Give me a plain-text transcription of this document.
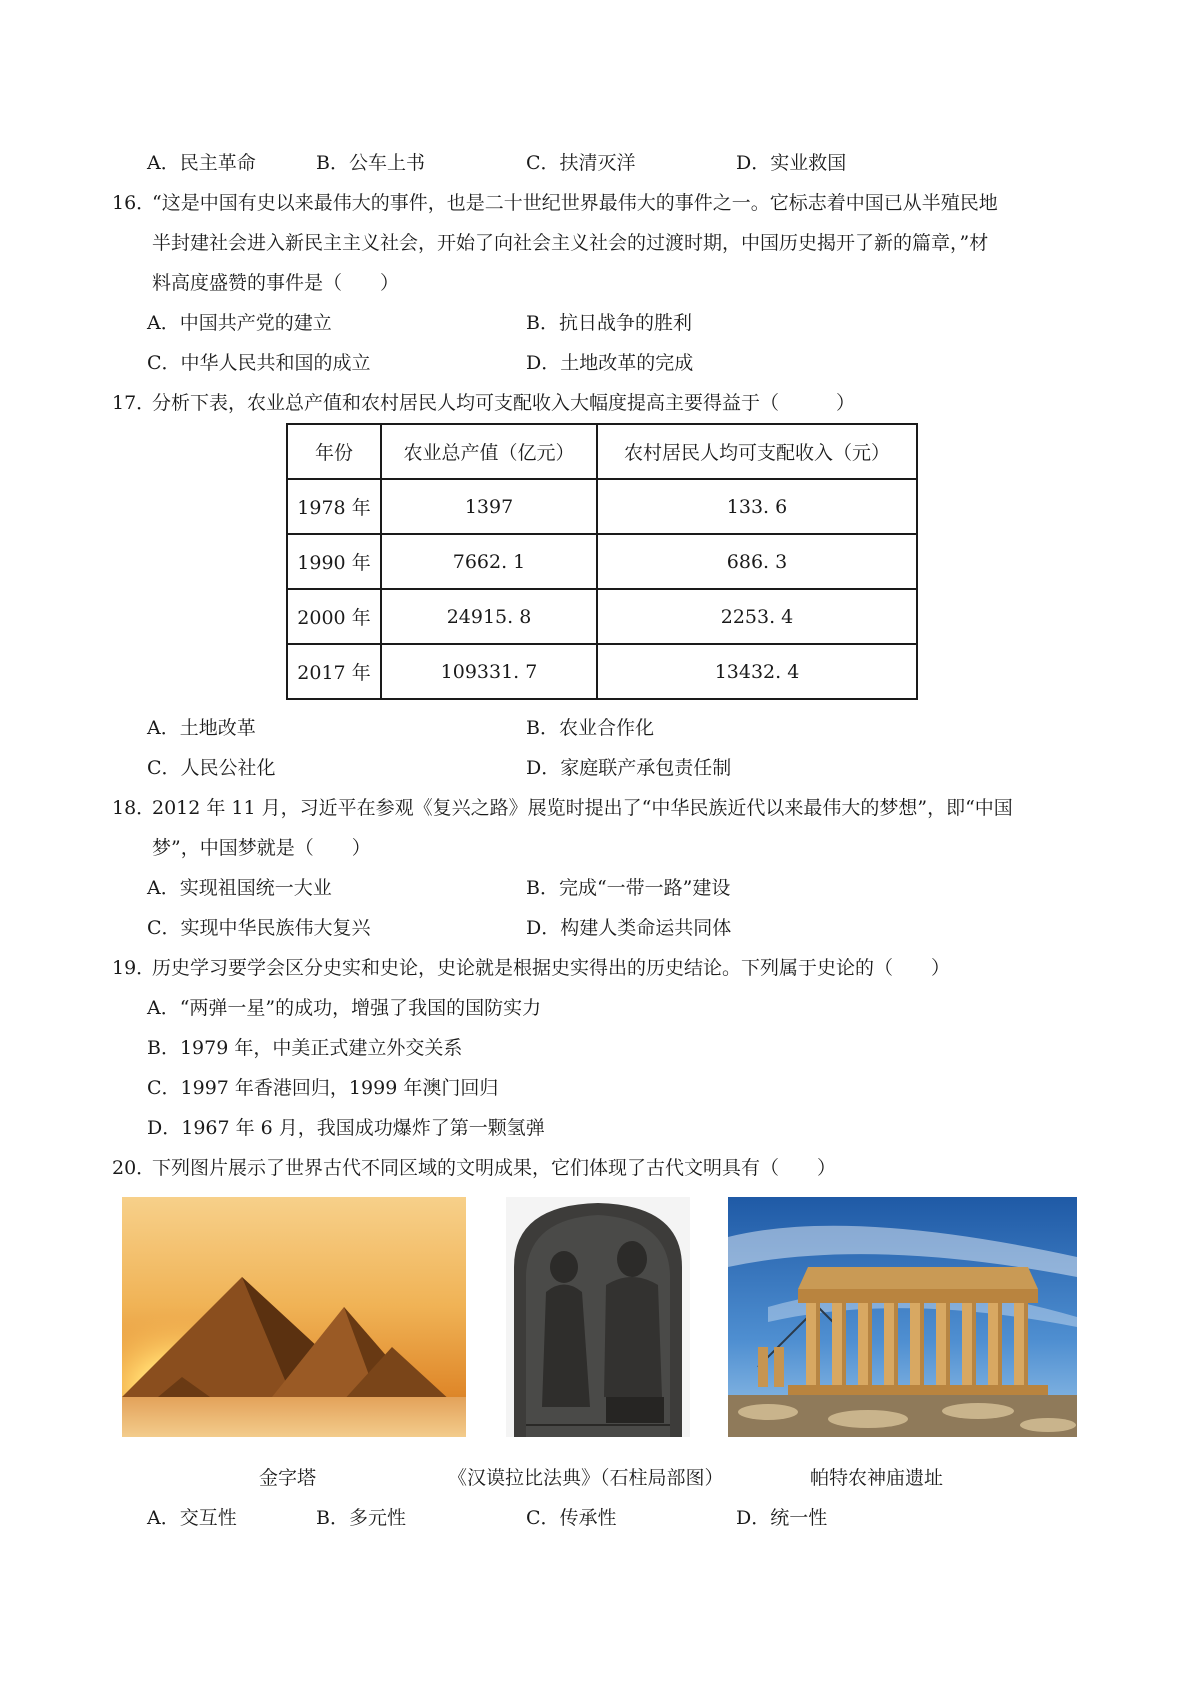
A．民主革命	B．公车上书	C．扶清灭洋	D．实业救国
16．
“这是中国有史以来最伟大的事件，也是二十世纪世界最伟大的事件之一。它标志着中国已从半殖民地
半封建社会进入新民主主义社会，开始了向社会主义社会的过渡时期，中国历史揭开了新的篇章，”材
料高度盛赞的事件是（　　）
A．中国共产党的建立	B．抗日战争的胜利
C．中华人民共和国的成立	D．土地改革的完成
17．
分析下表，农业总产值和农村居民人均可支配收入大幅度提高主要得益于（　　　）
年份	农业总产值（亿元）	农村居民人均可支配收入（元）
1978 年	1397	133. 6
1990 年	7662. 1	686. 3
2000 年	24915. 8	2253. 4
2017 年	109331. 7	13432. 4
A．土地改革	B．农业合作化
C．人民公社化	D．家庭联产承包责任制
18．
2012 年 11 月，习近平在参观《复兴之路》展览时提出了“中华民族近代以来最伟大的梦想”，即“中国
梦”，中国梦就是（　　）
A．实现祖国统一大业	B．完成“一带一路”建设
C．实现中华民族伟大复兴	D．构建人类命运共同体
19．
历史学习要学会区分史实和史论，史论就是根据史实得出的历史结论。下列属于史论的（　　）
A．“两弹一星”的成功，增强了我国的国防实力
B．1979 年，中美正式建立外交关系
C．1997 年香港回归，1999 年澳门回归
D．1967 年 6 月，我国成功爆炸了第一颗氢弹
20．
下列图片展示了世界古代不同区域的文明成果，它们体现了古代文明具有（　　）
金字塔	《汉谟拉比法典》（石柱局部图）	帕特农神庙遗址
A．交互性	B．多元性	C．传承性	D．统一性
